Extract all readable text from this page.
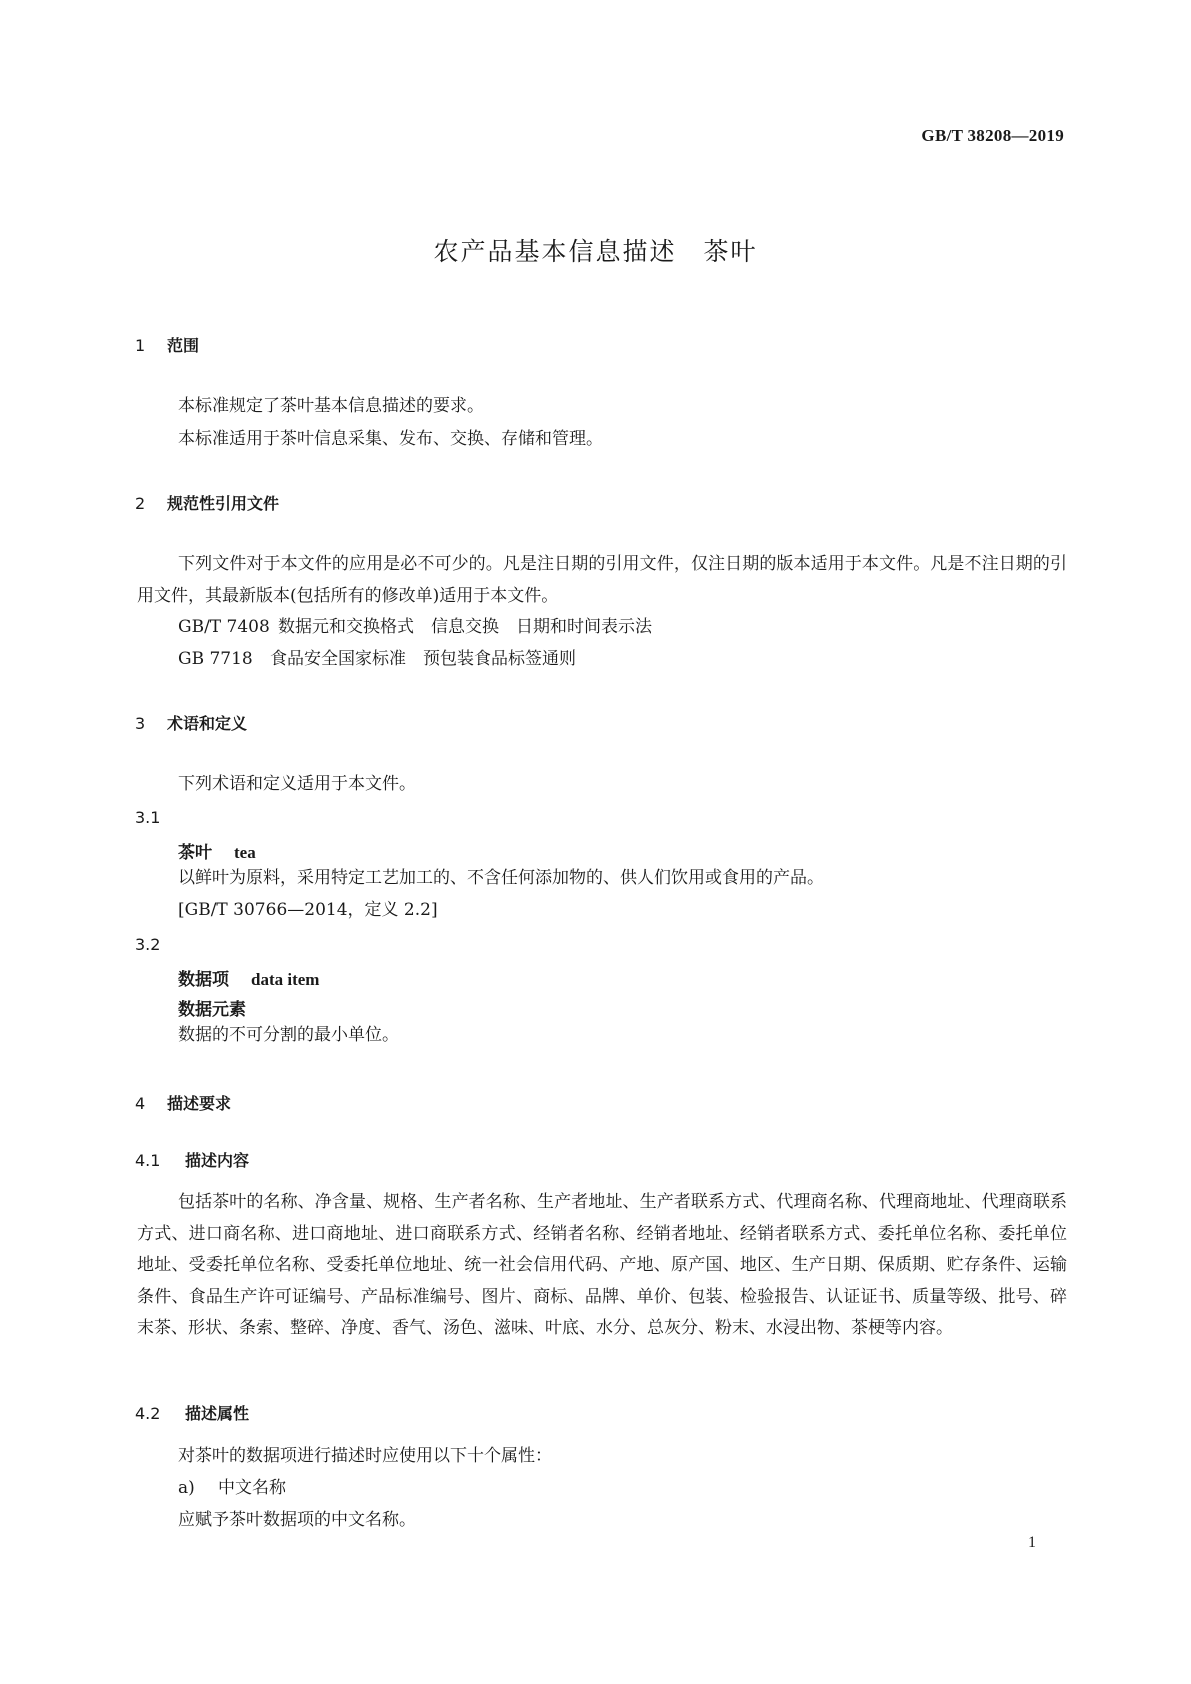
GB/T 38208—2019
农产品基本信息描述　茶叶
1 范围
本标准规定了茶叶基本信息描述的要求。
本标准适用于茶叶信息采集、发布、交换、存储和管理。
2 规范性引用文件
下列文件对于本文件的应用是必不可少的。凡是注日期的引用文件，仅注日期的版本适用于本文件。凡是不注日期的引用文件，其最新版本(包括所有的修改单)适用于本文件。
GB/T 7408 数据元和交换格式　信息交换　日期和时间表示法
GB 7718 食品安全国家标准　预包装食品标签通则
3 术语和定义
下列术语和定义适用于本文件。
3.1
茶叶 tea
以鲜叶为原料，采用特定工艺加工的、不含任何添加物的、供人们饮用或食用的产品。
[GB/T 30766—2014，定义 2.2]
3.2
数据项 data item
数据元素
数据的不可分割的最小单位。
4 描述要求
4.1 描述内容
包括茶叶的名称、净含量、规格、生产者名称、生产者地址、生产者联系方式、代理商名称、代理商地址、代理商联系方式、进口商名称、进口商地址、进口商联系方式、经销者名称、经销者地址、经销者联系方式、委托单位名称、委托单位地址、受委托单位名称、受委托单位地址、统一社会信用代码、产地、原产国、地区、生产日期、保质期、贮存条件、运输条件、食品生产许可证编号、产品标准编号、图片、商标、品牌、单价、包装、检验报告、认证证书、质量等级、批号、碎末茶、形状、条索、整碎、净度、香气、汤色、滋味、叶底、水分、总灰分、粉末、水浸出物、茶梗等内容。
4.2 描述属性
对茶叶的数据项进行描述时应使用以下十个属性：
a) 中文名称
应赋予茶叶数据项的中文名称。
1
